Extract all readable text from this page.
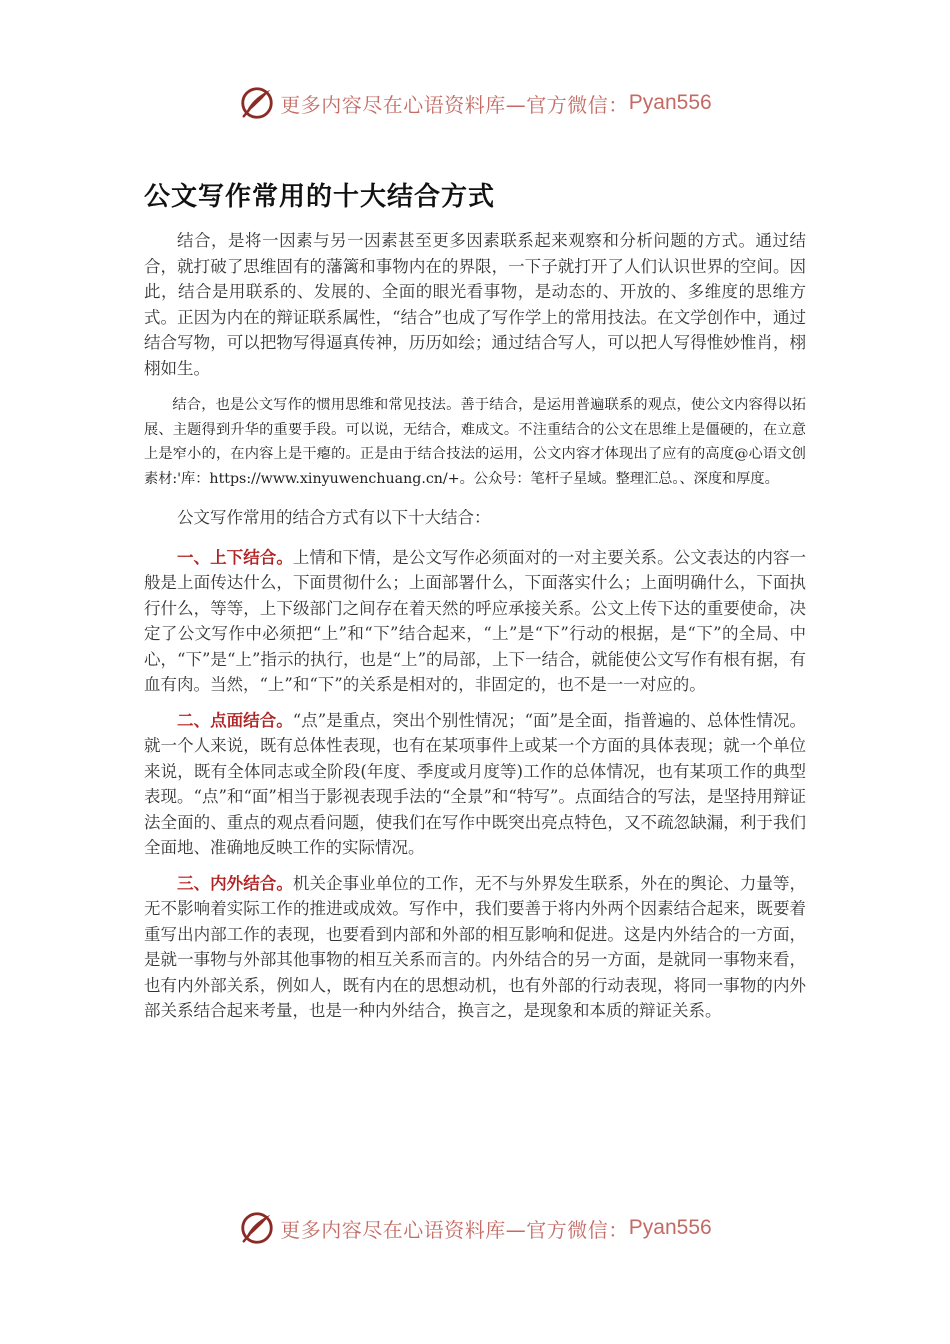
更多内容尽在心语资料库—官方微信： Pyan556
公文写作常用的十大结合方式

结合，是将一因素与另一因素甚至更多因素联系起来观察和分析问题的方式。通过结合，就打破了思维固有的藩篱和事物内在的界限，一下子就打开了人们认识世界的空间。因此，结合是用联系的、发展的、全面的眼光看事物，是动态的、开放的、多维度的思维方式。正因为内在的辩证联系属性，“结合”也成了写作学上的常用技法。在文学创作中，通过结合写物，可以把物写得逼真传神，历历如绘；通过结合写人，可以把人写得惟妙惟肖，栩栩如生。

结合，也是公文写作的惯用思维和常见技法。善于结合，是运用普遍联系的观点，使公文内容得以拓展、主题得到升华的重要手段。可以说，无结合，难成文。不注重结合的公文在思维上是僵硬的，在立意上是窄小的，在内容上是干瘪的。正是由于结合技法的运用，公文内容才体现出了应有的高度@心语文创素材:'库：https://www.xinyuwenchuang.cn/+。公众号：笔杆子星域。整理汇总。、深度和厚度。

公文写作常用的结合方式有以下十大结合：

一、上下结合。上情和下情，是公文写作必须面对的一对主要关系。公文表达的内容一般是上面传达什么，下面贯彻什么；上面部署什么，下面落实什么；上面明确什么，下面执行什么，等等，上下级部门之间存在着天然的呼应承接关系。公文上传下达的重要使命，决定了公文写作中必须把“上”和“下”结合起来，“上”是“下”行动的根据，是“下”的全局、中心，“下”是“上”指示的执行，也是“上”的局部，上下一结合，就能使公文写作有根有据，有血有肉。当然，“上”和“下”的关系是相对的，非固定的，也不是一一对应的。

二、点面结合。“点”是重点，突出个别性情况；“面”是全面，指普遍的、总体性情况。就一个人来说，既有总体性表现，也有在某项事件上或某一个方面的具体表现；就一个单位来说，既有全体同志或全阶段(年度、季度或月度等)工作的总体情况，也有某项工作的典型表现。“点”和“面”相当于影视表现手法的“全景”和“特写”。点面结合的写法，是坚持用辩证法全面的、重点的观点看问题，使我们在写作中既突出亮点特色，又不疏忽缺漏，利于我们全面地、准确地反映工作的实际情况。

三、内外结合。机关企事业单位的工作，无不与外界发生联系，外在的舆论、力量等，无不影响着实际工作的推进或成效。写作中，我们要善于将内外两个因素结合起来，既要着重写出内部工作的表现，也要看到内部和外部的相互影响和促进。这是内外结合的一方面，是就一事物与外部其他事物的相互关系而言的。内外结合的另一方面，是就同一事物来看，也有内外部关系，例如人，既有内在的思想动机，也有外部的行动表现，将同一事物的内外部关系结合起来考量，也是一种内外结合，换言之，是现象和本质的辩证关系。

更多内容尽在心语资料库—官方微信： Pyan556
